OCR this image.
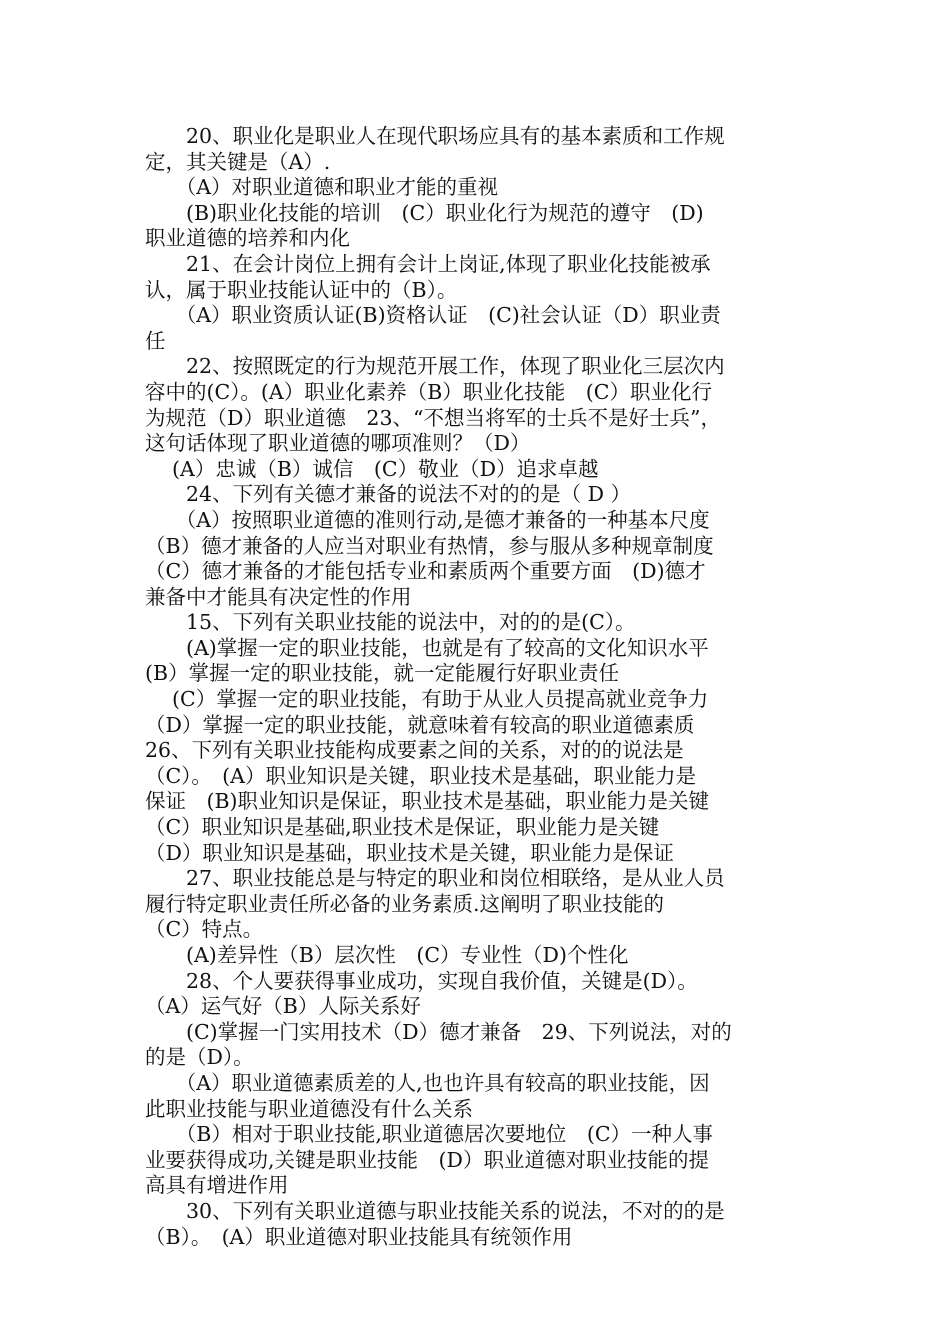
　　20、职业化是职业人在现代职场应具有的基本素质和工作规
定，其关键是（A）.
　　（A）对职业道德和职业才能的重视
　　(B)职业化技能的培训　(C）职业化行为规范的遵守　(D)
职业道德的培养和内化
　　21、在会计岗位上拥有会计上岗证,体现了职业化技能被承
认，属于职业技能认证中的（B）。
　　（A）职业资质认证(B)资格认证　(C)社会认证（D）职业责
任
　　22、按照既定的行为规范开展工作，体现了职业化三层次内
容中的(C）。(A）职业化素养（B）职业化技能　(C）职业化行
为规范（D）职业道德　23、“不想当将军的士兵不是好士兵”，
这句话体现了职业道德的哪项准则？（D）
　 (A）忠诚（B）诚信　(C）敬业（D）追求卓越
　　24、下列有关德才兼备的说法不对的的是（ D ）
　　（A）按照职业道德的准则行动,是德才兼备的一种基本尺度
（B）德才兼备的人应当对职业有热情，参与服从多种规章制度
（C）德才兼备的才能包括专业和素质两个重要方面　(D)德才
兼备中才能具有决定性的作用
　　15、下列有关职业技能的说法中，对的的是(C）。
　　(A)掌握一定的职业技能，也就是有了较高的文化知识水平
(B）掌握一定的职业技能，就一定能履行好职业责任
　 (C）掌握一定的职业技能，有助于从业人员提高就业竞争力
（D）掌握一定的职业技能，就意味着有较高的职业道德素质
26、下列有关职业技能构成要素之间的关系，对的的说法是
（C）。　(A）职业知识是关键，职业技术是基础，职业能力是
保证　(B)职业知识是保证，职业技术是基础，职业能力是关键
（C）职业知识是基础,职业技术是保证，职业能力是关键
（D）职业知识是基础，职业技术是关键，职业能力是保证
　　27、职业技能总是与特定的职业和岗位相联络，是从业人员
履行特定职业责任所必备的业务素质.这阐明了职业技能的
（C）特点。
　　(A)差异性（B）层次性　(C）专业性（D)个性化
　　28、个人要获得事业成功，实现自我价值，关键是(D）。
（A）运气好（B）人际关系好
　　(C)掌握一门实用技术（D）德才兼备　29、下列说法，对的
的是（D）。
　　（A）职业道德素质差的人,也也许具有较高的职业技能，因
此职业技能与职业道德没有什么关系
　　（B）相对于职业技能,职业道德居次要地位　(C）一种人事
业要获得成功,关键是职业技能　(D）职业道德对职业技能的提
高具有增进作用
　　30、下列有关职业道德与职业技能关系的说法，不对的的是
（B）。　(A）职业道德对职业技能具有统领作用
